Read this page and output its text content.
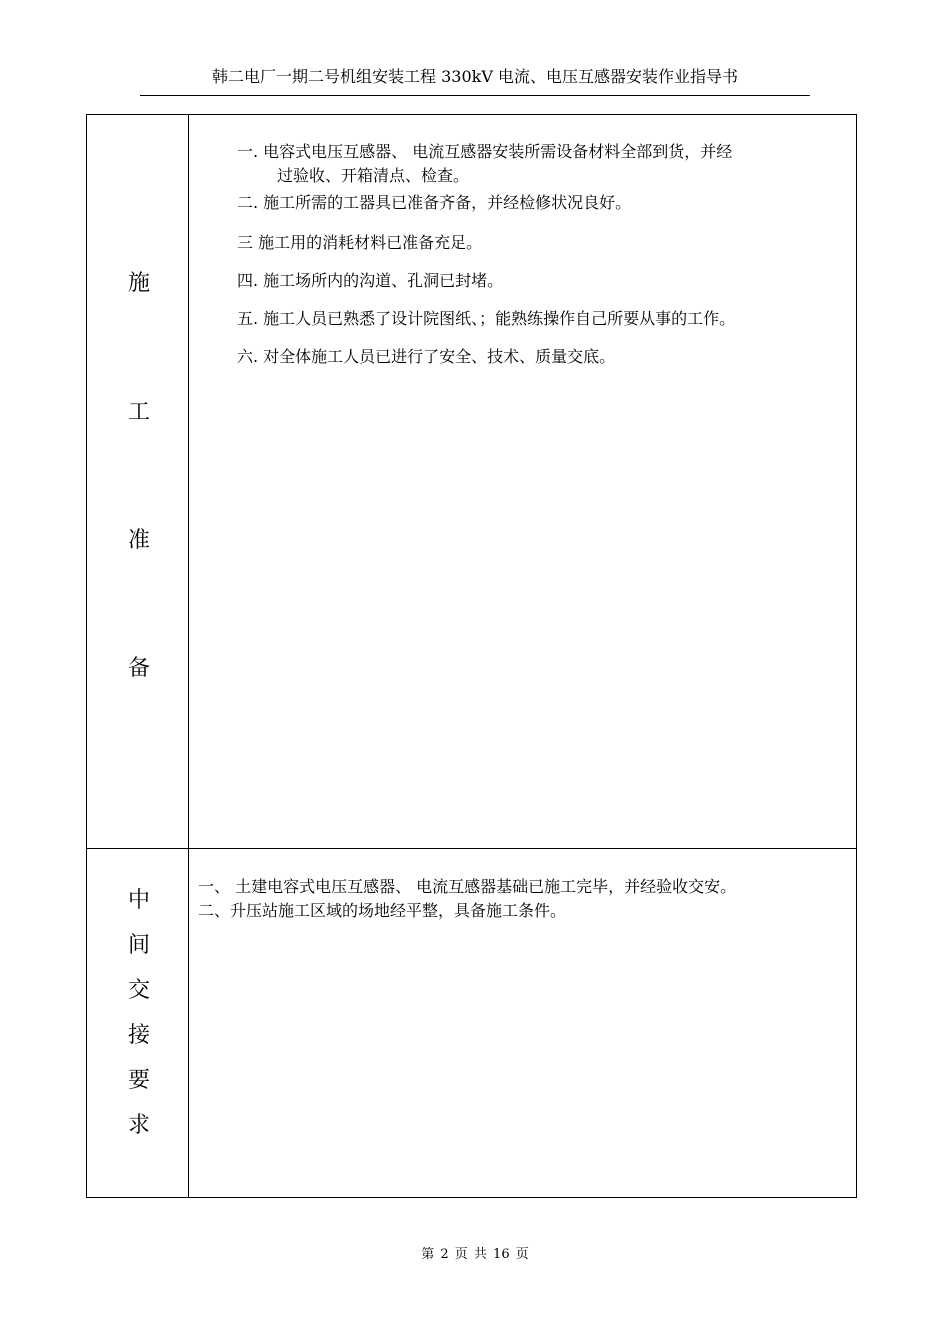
韩二电厂一期二号机组安装工程 330kV 电流、电压互感器安装作业指导书
施
工
准
备
一. 电容式电压互感器、 电流互感器安装所需设备材料全部到货，并经
过验收、开箱清点、检查。
二. 施工所需的工器具已准备齐备，并经检修状况良好。
三 施工用的消耗材料已准备充足。
四. 施工场所内的沟道、孔洞已封堵。
五. 施工人员已熟悉了设计院图纸、；能熟练操作自己所要从事的工作。
六. 对全体施工人员已进行了安全、技术、质量交底。
中
间
交
接
要
求
一、 土建电容式电压互感器、 电流互感器基础已施工完毕，并经验收交安。
二、升压站施工区域的场地经平整，具备施工条件。
第 2 页 共 16 页
